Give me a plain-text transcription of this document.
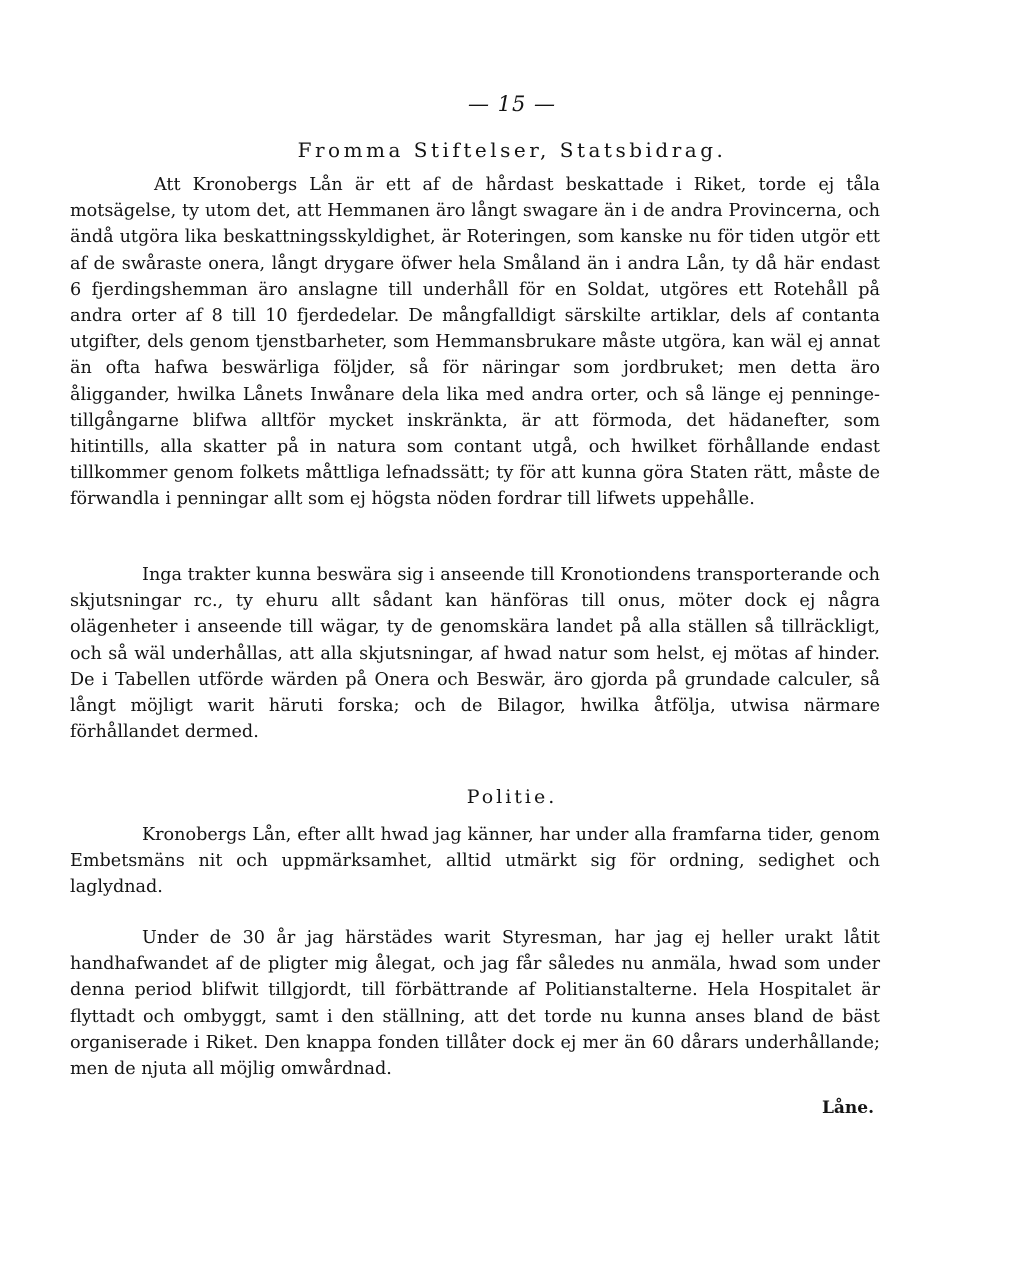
— 15 —
Fromma Stiftelser, Statsbidrag.

Att Kronobergs Lån är ett af de hårdast beskattade i Riket, torde ej tåla motsägelse, ty utom det, att Hemmanen äro långt swagare än i de andra Provincerna, och ändå utgöra lika beskattningsskyldighet, är Roteringen, som kanske nu för tiden utgör ett af de swåraste onera, långt drygare öfwer hela Småland än i andra Lån, ty då här endast 6 fjerdingshemman äro anslagne till underhåll för en Soldat, utgöres ett Rotehåll på andra orter af 8 till 10 fjerdedelar. De mångfalldigt särskilte artiklar, dels af contanta utgifter, dels genom tjenstbarheter, som Hemmansbrukare måste utgöra, kan wäl ej annat än ofta hafwa beswärliga följder, så för näringar som jordbruket; men detta äro åliggander, hwilka Lånets Inwånare dela lika med andra orter, och så länge ej penninge-tillgångarne blifwa alltför mycket inskränkta, är att förmoda, det hädanefter, som hitintills, alla skatter på in natura som contant utgå, och hwilket förhållande endast tillkommer genom folkets måttliga lefnadssätt; ty för att kunna göra Staten rätt, måste de förwandla i penningar allt som ej högsta nöden fordrar till lifwets uppehålle.

Inga trakter kunna beswära sig i anseende till Kronotiondens transporterande och skjutsningar rc., ty ehuru allt sådant kan hänföras till onus, möter dock ej några olägenheter i anseende till wägar, ty de genomskära landet på alla ställen så tillräckligt, och så wäl underhållas, att alla skjutsningar, af hwad natur som helst, ej mötas af hinder. De i Tabellen utförde wärden på Onera och Beswär, äro gjorda på grundade calculer, så långt möjligt warit häruti forska; och de Bilagor, hwilka åtfölja, utwisa närmare förhållandet dermed.

Politie.

Kronobergs Lån, efter allt hwad jag känner, har under alla framfarna tider, genom Embetsmäns nit och uppmärksamhet, alltid utmärkt sig för ordning, sedighet och laglydnad.

Under de 30 år jag härstädes warit Styresman, har jag ej heller urakt låtit handhafwandet af de pligter mig ålegat, och jag får således nu anmäla, hwad som under denna period blifwit tillgjordt, till förbättrande af Politianstalterne. Hela Hospitalet är flyttadt och ombyggt, samt i den ställning, att det torde nu kunna anses bland de bäst organiserade i Riket. Den knappa fonden tillåter dock ej mer än 60 dårars underhållande; men de njuta all möjlig omwårdnad.

Låne.
